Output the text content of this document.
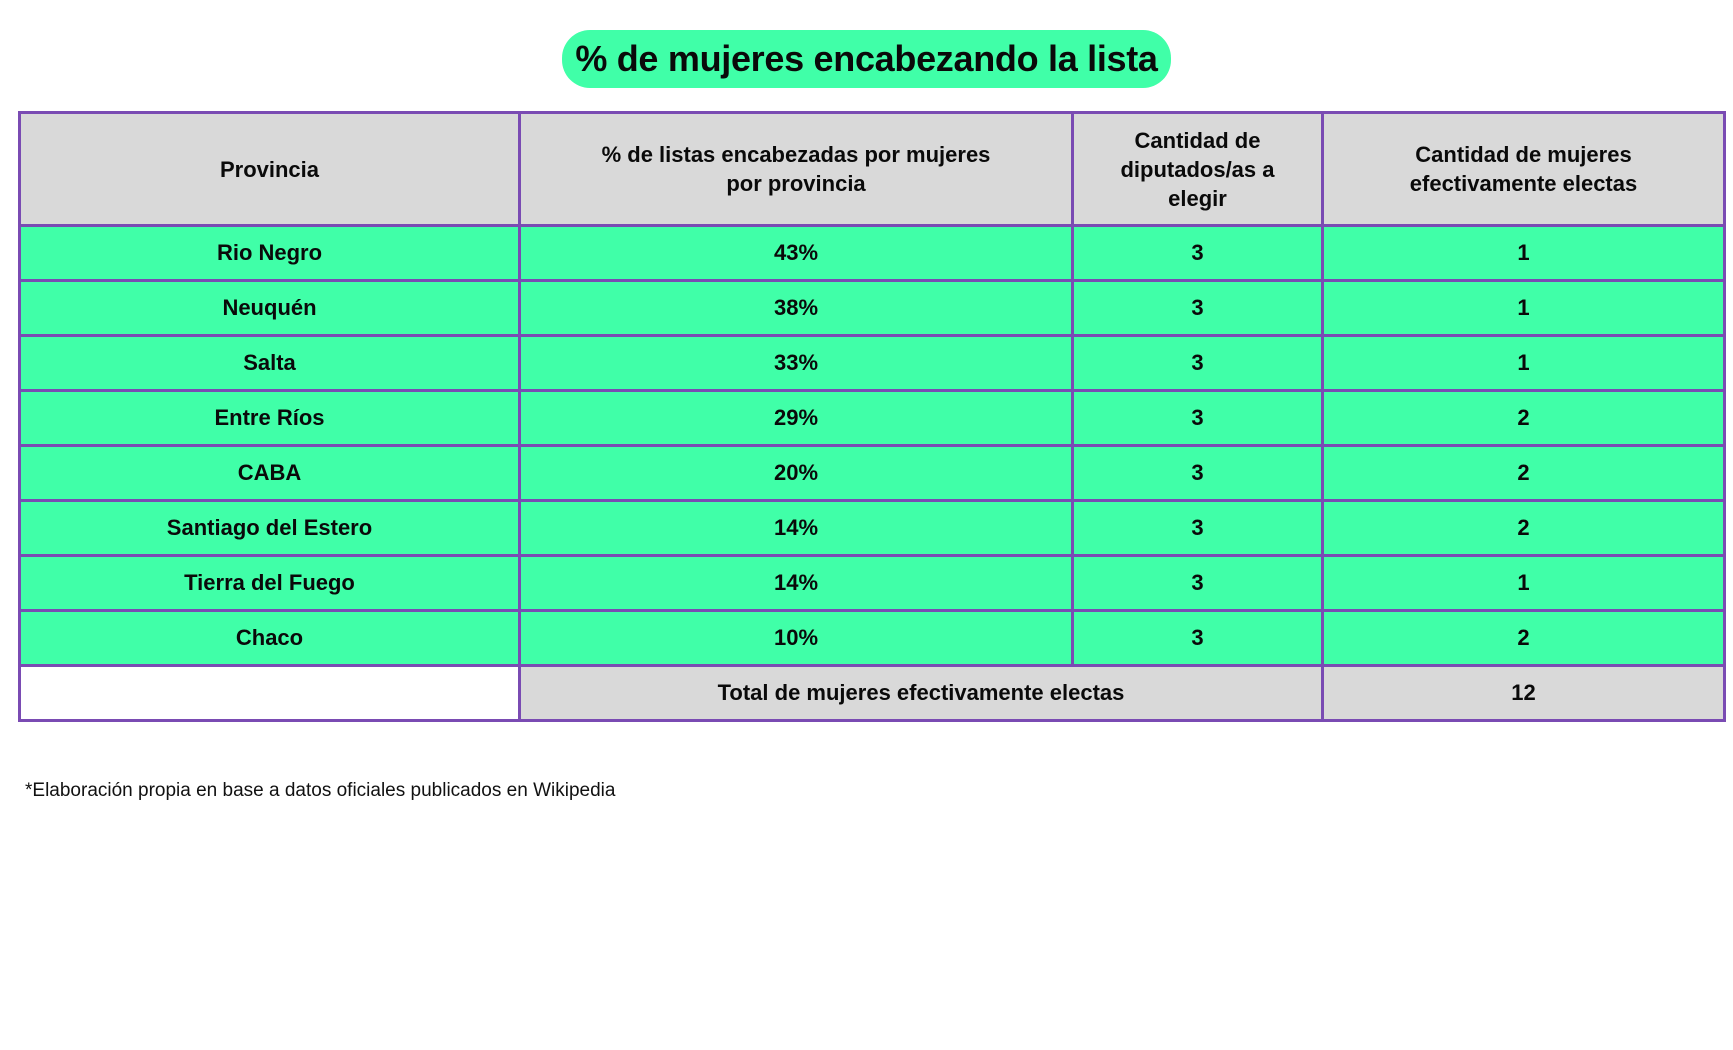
% de mujeres encabezando la lista
Provincia	% de listas encabezadas por mujeres por provincia	Cantidad de diputados/as a elegir	Cantidad de mujeres efectivamente electas
Rio Negro	43%	3	1
Neuquén	38%	3	1
Salta	33%	3	1
Entre Ríos	29%	3	2
CABA	20%	3	2
Santiago del Estero	14%	3	2
Tierra del Fuego	14%	3	1
Chaco	10%	3	2
	Total de mujeres efectivamente electas		12
*Elaboración propia en base a datos oficiales publicados en Wikipedia
